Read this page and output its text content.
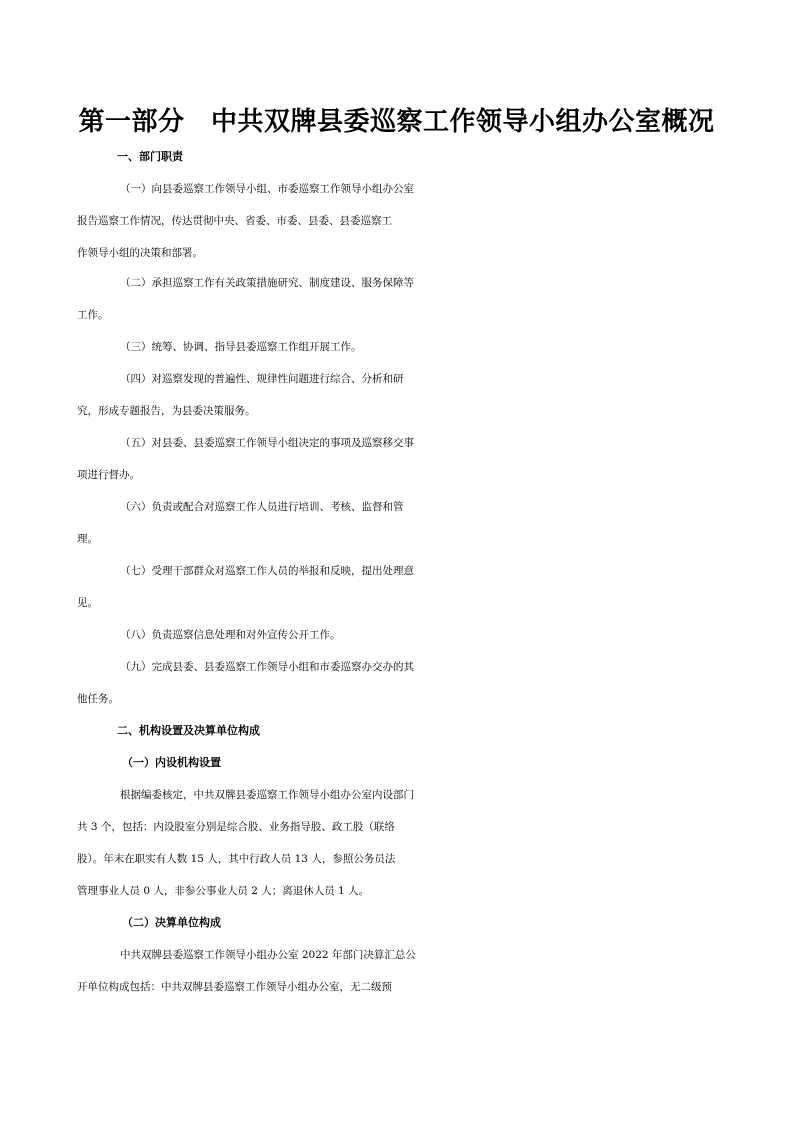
第一部分　中共双牌县委巡察工作领导小组办公室概况
一、部门职责
（一）向县委巡察工作领导小组、市委巡察工作领导小组办公室
报告巡察工作情况，传达贯彻中央、省委、市委、县委、县委巡察工
作领导小组的决策和部署。
（二）承担巡察工作有关政策措施研究、制度建设、服务保障等
工作。
（三）统筹、协调、指导县委巡察工作组开展工作。
（四）对巡察发现的普遍性、规律性问题进行综合、分析和研
究，形成专题报告，为县委决策服务。
（五）对县委、县委巡察工作领导小组决定的事项及巡察移交事
项进行督办。
（六）负责或配合对巡察工作人员进行培训、考核、监督和管
理。
（七）受理干部群众对巡察工作人员的举报和反映，提出处理意
见。
（八）负责巡察信息处理和对外宣传公开工作。
（九）完成县委、县委巡察工作领导小组和市委巡察办交办的其
他任务。
二、机构设置及决算单位构成
（一）内设机构设置
根据编委核定，中共双牌县委巡察工作领导小组办公室内设部门
共 3 个，包括：内设股室分别是综合股、业务指导股、政工股（联络
股）。年末在职实有人数 15 人，其中行政人员 13 人，参照公务员法
管理事业人员 0 人，非参公事业人员 2 人；离退休人员 1 人。
（二）决算单位构成
中共双牌县委巡察工作领导小组办公室 2022 年部门决算汇总公
开单位构成包括：中共双牌县委巡察工作领导小组办公室，无二级预
